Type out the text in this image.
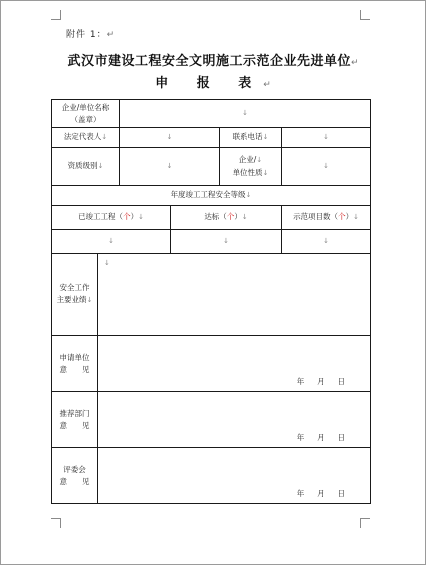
附件 1：↵
武汉市建设工程安全文明施工示范企业先进单位↵
申 报 表↵
企业/单位名称
（盖章）		↓			
法定代表人↓		↓		联系电话↓	↓
资质级别↓		↓		企业/↓
单位性质↓	↓
年度竣工工程安全等级↓					
已竣工工程（个）↓			达标（个）↓		示范项目数（个）↓
↓			↓		↓
安全工作
主要业绩↓	↓				

申请单位
意　　见	年　 月　 日				

推荐部门
意　　见	年　 月　 日				

评委会
意　　见	年　 月　 日				
